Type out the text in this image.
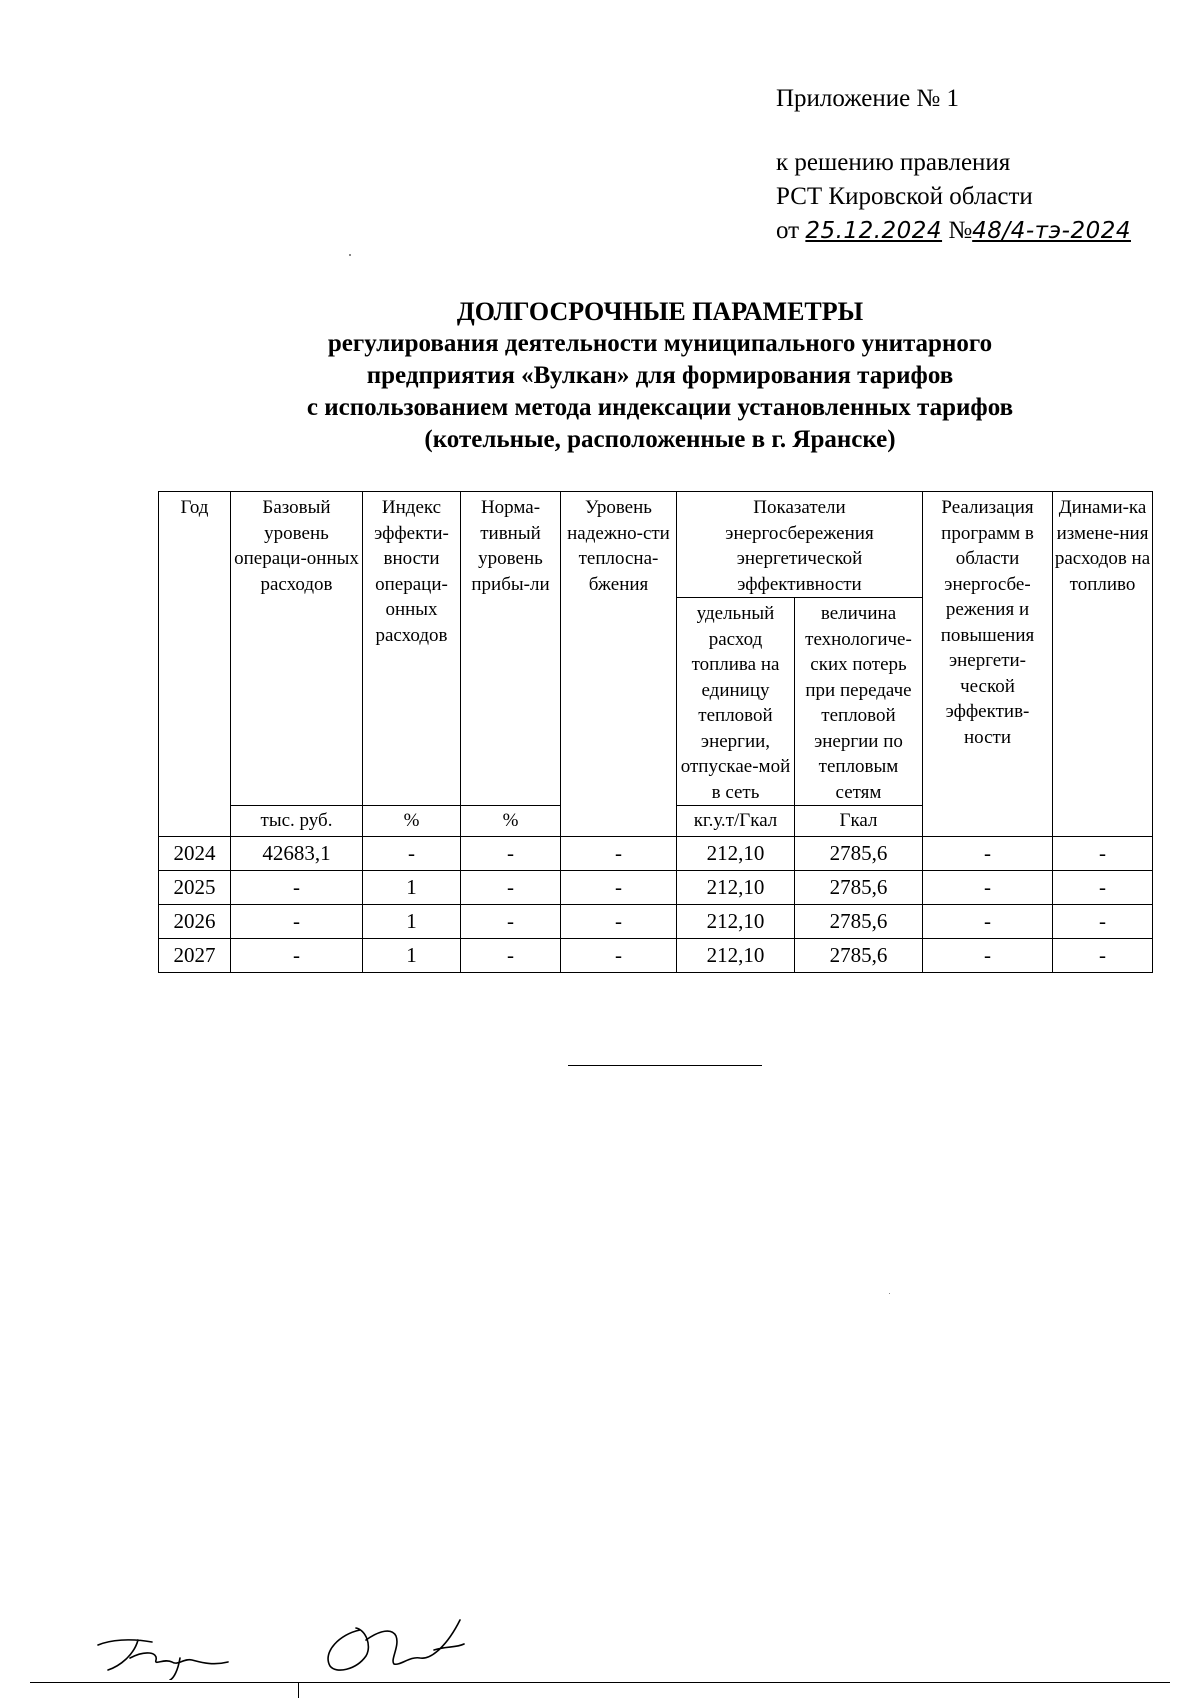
Приложение № 1
к решению правления
РСТ Кировской области
от 25.12.2024 №48/4-тэ-2024
ДОЛГОСРОЧНЫЕ ПАРАМЕТРЫ
регулирования деятельности муниципального унитарного
предприятия «Вулкан» для формирования тарифов
с использованием метода индексации установленных тарифов
(котельные, расположенные в г. Яранске)
Год	Базовый уровень операци-онных расходов	Индекс эффекти-вности операци-онных расходов	Норма-тивный уровень прибы-ли	Уровень надежно-сти теплосна-бжения	Показатели энергосбережения энергетической эффективности		Реализация программ в области энергосбе-режения и повышения энергети-ческой эффектив-ности	Динами-ка измене-ния расходов на топливо
					удельный расход топлива на единицу тепловой энергии, отпускае-мой в сеть	величина технологиче-ских потерь при передаче тепловой энергии по тепловым сетям		
	тыс. руб.	%	%		кг.у.т/Гкал	Гкал		
2024	42683,1	-	-	-	212,10	2785,6	-	-
2025	-	1	-	-	212,10	2785,6	-	-
2026	-	1	-	-	212,10	2785,6	-	-
2027	-	1	-	-	212,10	2785,6	-	-
